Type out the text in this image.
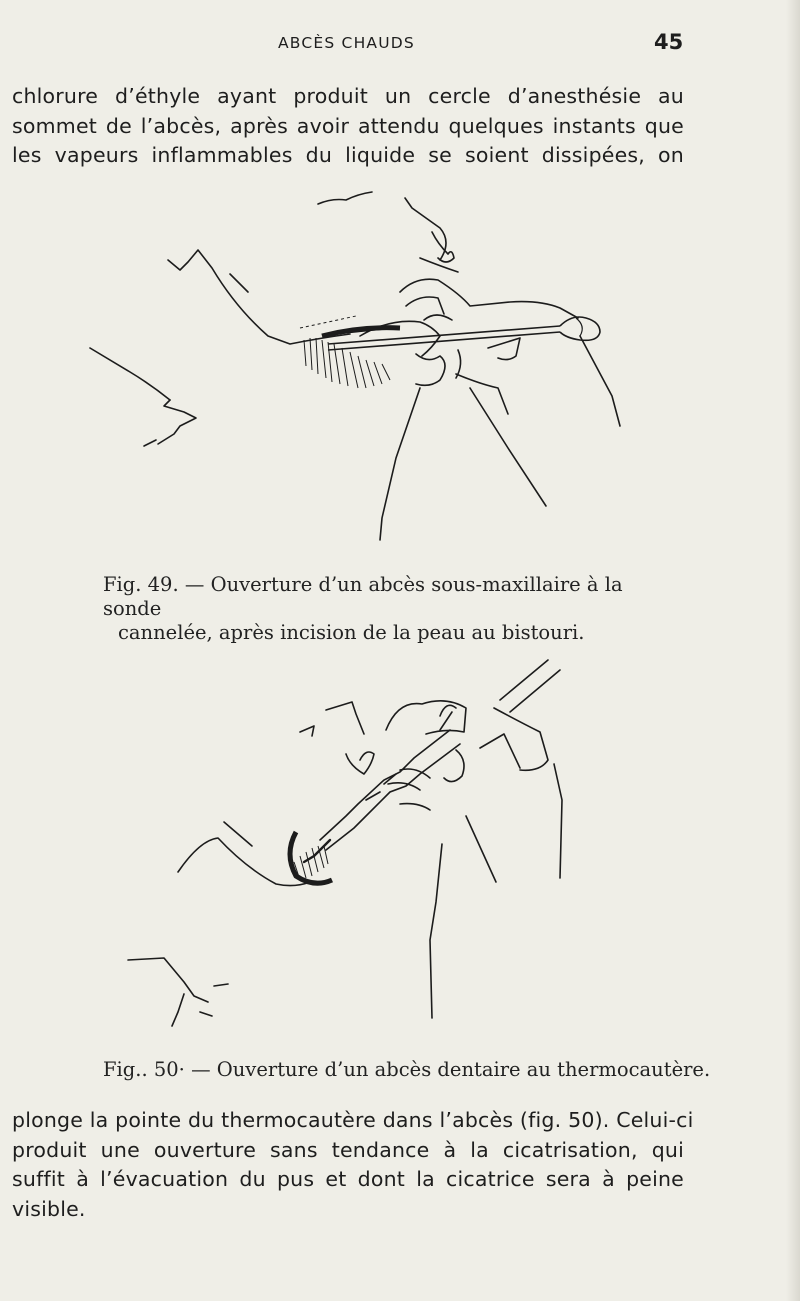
ABCÈS CHAUDS	45
chlorure d’éthyle ayant produit un cercle d’anesthésie au
sommet de l’abcès, après avoir attendu quelques instants que
les vapeurs inflammables du liquide se soient dissipées, on
Fig. 49. — Ouverture d’un abcès sous-maxillaire à la sonde
cannelée, après incision de la peau au bistouri.
Fig.. 50· — Ouverture d’un abcès dentaire au thermocautère.
plonge la pointe du thermocautère dans l’abcès (fig. 50). Celui-ci
produit une ouverture sans tendance à la cicatrisation, qui
suffit à l’évacuation du pus et dont la cicatrice sera à peine
visible.
